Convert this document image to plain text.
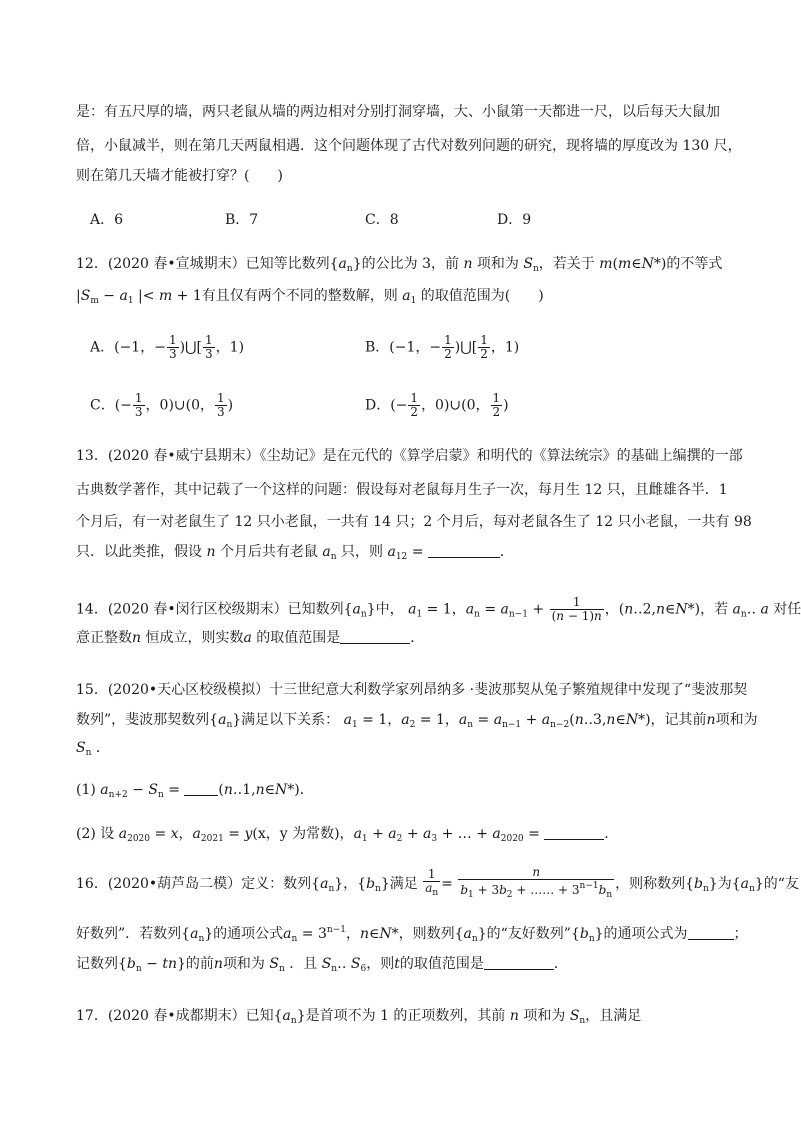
是：有五尺厚的墙，两只老鼠从墙的两边相对分别打洞穿墙，大、小鼠第一天都进一尺，以后每天大鼠加
倍，小鼠减半，则在第几天两鼠相遇．这个问题体现了古代对数列问题的研究，现将墙的厚度改为 130 尺，
则在第几天墙才能被打穿？(　　)
A．6	B．7	C．8	D．9
12．(2020 春•宣城期末）已知等比数列$\{a_n\}$的公比为 3，前 n 项和为 $S_n$，若关于 m(m∈N*)的不等式
$|S_m - a_1$ |< m + 1有且仅有两个不同的整数解，则 $a_1$ 的取值范围为(　　)
A．(−1，− $\frac{1}{3}$ )⋃[ $\frac{1}{3}$ ，1)	B．(−1，− $\frac{1}{2}$ )⋃[ $\frac{1}{2}$ ，1)
C．(− $\frac{1}{3}$ ，0)∪(0， $\frac{1}{3}$ )	D．(− $\frac{1}{2}$ ，0)∪(0， $\frac{1}{2}$ )
13．(2020 春•威宁县期末）《尘劫记》是在元代的《算学启蒙》和明代的《算法统宗》的基础上编撰的一部
古典数学著作，其中记载了一个这样的问题：假设每对老鼠每月生子一次，每月生 12 只，且雌雄各半．1
个月后，有一对老鼠生了 12 只小老鼠，一共有 14 只；2 个月后，每对老鼠各生了 12 只小老鼠，一共有 98
只．以此类推，假设 n 个月后共有老鼠 $a_n$ 只，则 $a_{12}$ =	．
14．(2020 春•闵行区校级期末）已知数列$\{a_n\}$中， $a_1 = 1$，$a_n = a_{n-1} + \frac{1}{(n - 1)n}$ ，(n‥2,n∈N*)，若 $a_n‥$ a 对任
意正整数n 恒成立，则实数a 的取值范围是	．
15．(2020•天心区校级模拟）十三世纪意大利数学家列昂纳多 ·斐波那契从兔子繁殖规律中发现了“斐波那契
数列”，斐波那契数列$\{a_n\}$满足以下关系： $a_1 = 1$，$a_2 = 1$，$a_n = a_{n-1}$ + $a_{n-2}(n‥3,n\in N*)$，记其前n项和为
$S_n$ ．
(1) $a_{n+2} - S_n$ = (n‥1,n∈N*)．
(2) 设 $a_{2020} = x$，$a_{2021} = y(x$，y 为常数)，$a_1 + a_2 + a_3$ + … + $a_{2020}$ =	．
16．(2020•葫芦岛二模）定义：数列$\{a_n\}$，$\{b_n\}$满足 $\frac{1}{a_n} = \frac{n}{b_1 + 3b_2 + \dots\dots + 3^{n-1}b_n}$ ，则称数列$\{b_n\}$为$\{a_n\}$的“友
好数列”．若数列$\{a_n\}$的通项公式$a_n = 3^{n-1}$，n∈N*，则数列$\{a_n\}$的“友好数列$”\{b_n\}$的通项公式为	；
记数列$\{b_n - tn\}$的前n项和为 $S_n$ ．且 $S_n‥$ $S_6$，则t的取值范围是	．
17．(2020 春•成都期末）已知$\{a_n\}$是首项不为 1 的正项数列，其前 n 项和为 $S_n$，且满足
